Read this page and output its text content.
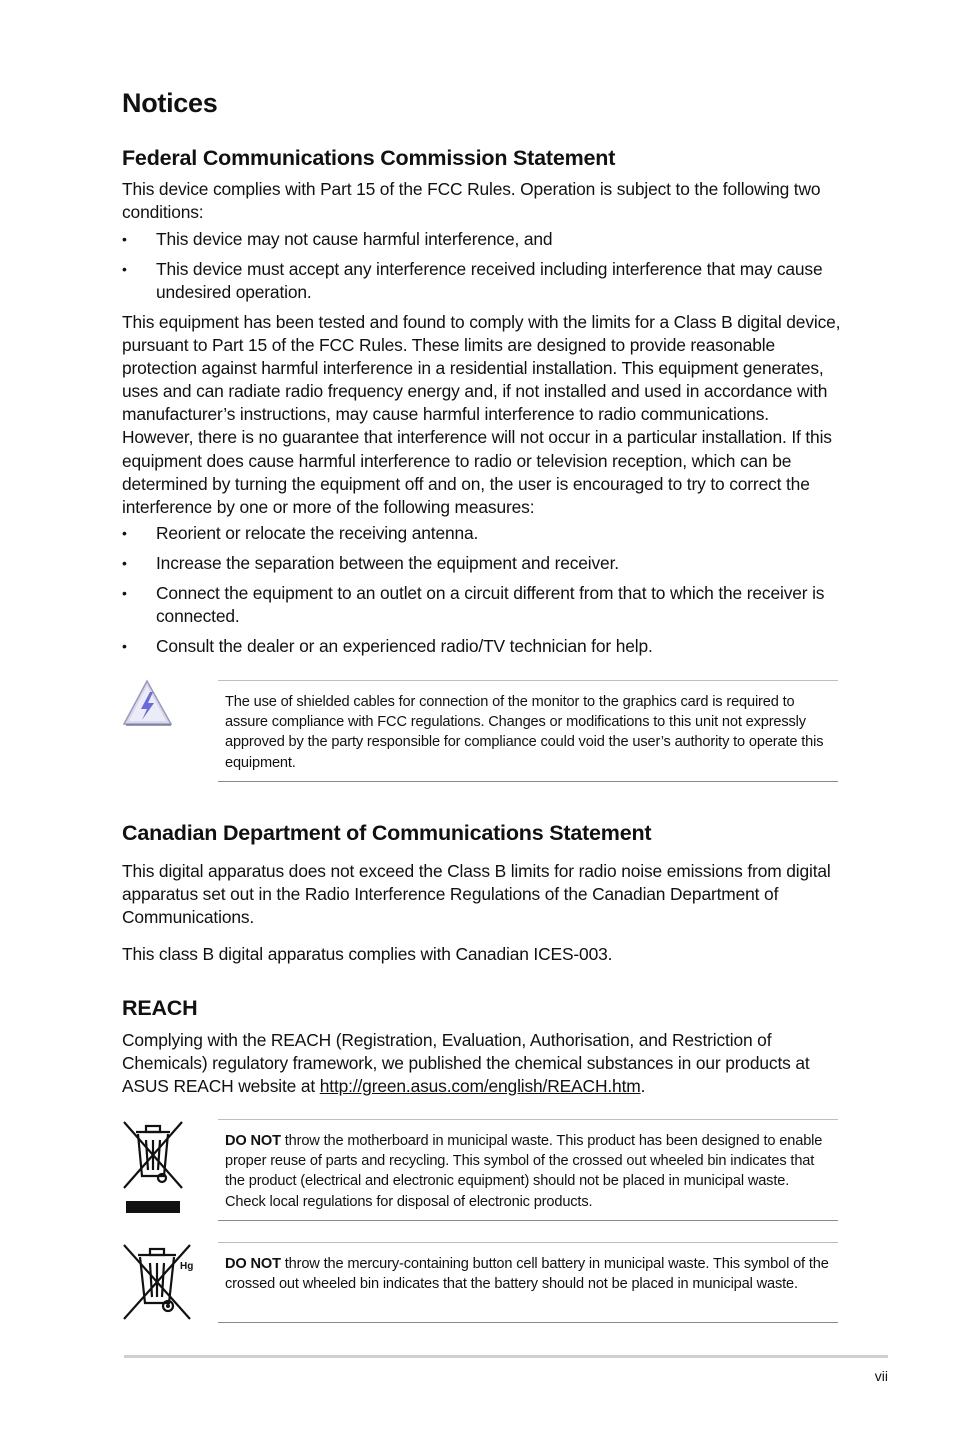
Notices
Federal Communications Commission Statement

This device complies with Part 15 of the FCC Rules. Operation is subject to the following two conditions:

•	This device may not cause harmful interference, and
•	This device must accept any interference received including interference that may cause undesired operation.

This equipment has been tested and found to comply with the limits for a Class B digital device, pursuant to Part 15 of the FCC Rules. These limits are designed to provide reasonable protection against harmful interference in a residential installation. This equipment generates, uses and can radiate radio frequency energy and, if not installed and used in accordance with manufacturer’s instructions, may cause harmful interference to radio communications. However, there is no guarantee that interference will not occur in a particular installation. If this equipment does cause harmful interference to radio or television reception, which can be determined by turning the equipment off and on, the user is encouraged to try to correct the interference by one or more of the following measures:

•	Reorient or relocate the receiving antenna.
•	Increase the separation between the equipment and receiver.
•	Connect the equipment to an outlet on a circuit different from that to which the receiver is connected.
•	Consult the dealer or an experienced radio/TV technician for help.
The use of shielded cables for connection of the monitor to the graphics card is required to assure compliance with FCC regulations. Changes or modifications to this unit not expressly approved by the party responsible for compliance could void the user’s authority to operate this equipment.
Canadian Department of Communications Statement

This digital apparatus does not exceed the Class B limits for radio noise emissions from digital apparatus set out in the Radio Interference Regulations of the Canadian Department of Communications.

This class B digital apparatus complies with Canadian ICES-003.

REACH

Complying with the REACH (Registration, Evaluation, Authorisation, and Restriction of Chemicals) regulatory framework, we published the chemical substances in our products at ASUS REACH website at http://green.asus.com/english/REACH.htm.

DO NOT throw the motherboard in municipal waste. This product has been designed to enable proper reuse of parts and recycling. This symbol of the crossed out wheeled bin indicates that the product (electrical and electronic equipment) should not be placed in municipal waste. Check local regulations for disposal of electronic products.
Hg DO NOT throw the mercury-containing button cell battery in municipal waste. This symbol of the crossed out wheeled bin indicates that the battery should not be placed in municipal waste.
vii
